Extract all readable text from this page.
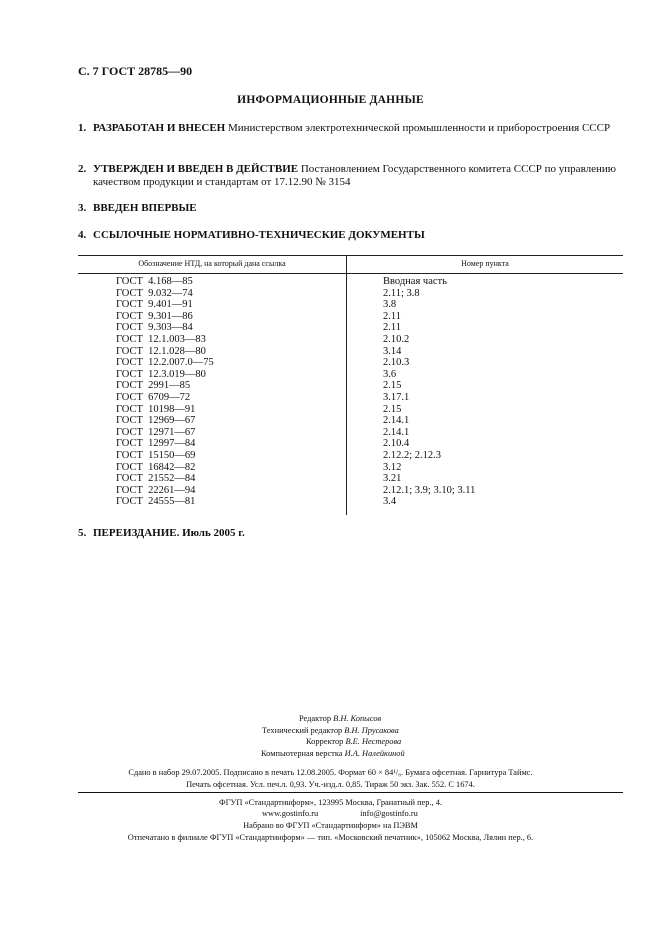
С. 7 ГОСТ 28785—90
ИНФОРМАЦИОННЫЕ ДАННЫЕ
1. РАЗРАБОТАН И ВНЕСЕН Министерством электротехнической промышленности и приборостроения СССР
2. УТВЕРЖДЕН И ВВЕДЕН В ДЕЙСТВИЕ Постановлением Государственного комитета СССР по управлению качеством продукции и стандартам от 17.12.90 № 3154
3. ВВЕДЕН ВПЕРВЫЕ
4. ССЫЛОЧНЫЕ НОРМАТИВНО-ТЕХНИЧЕСКИЕ ДОКУМЕНТЫ
Обозначение НТД, на который дана ссылка	Номер пункта
ГОСТ  4.168—85	Вводная часть
ГОСТ  9.032—74	2.11; 3.8
ГОСТ  9.401—91	3.8
ГОСТ  9.301—86	2.11
ГОСТ  9.303—84	2.11
ГОСТ  12.1.003—83	2.10.2
ГОСТ  12.1.028—80	3.14
ГОСТ  12.2.007.0—75	2.10.3
ГОСТ  12.3.019—80	3.6
ГОСТ  2991—85	2.15
ГОСТ  6709—72	3.17.1
ГОСТ  10198—91	2.15
ГОСТ  12969—67	2.14.1
ГОСТ  12971—67	2.14.1
ГОСТ  12997—84	2.10.4
ГОСТ  15150—69	2.12.2; 2.12.3
ГОСТ  16842—82	3.12
ГОСТ  21552—84	3.21
ГОСТ  22261—94	2.12.1; 3.9; 3.10; 3.11
ГОСТ  24555—81	3.4
5. ПЕРЕИЗДАНИЕ. Июль 2005 г.
Редактор В.Н. Копысов
Технический редактор В.Н. Прусакова
Корректор В.Е. Нестерова
Компьютерная верстка И.А. Налейкиной
Сдано в набор 29.07.2005. Подписано в печать 12.08.2005. Формат 60 × 84¹/₈. Бумага офсетная. Гарнитура Таймс.
Печать офсетная. Усл. печ.л. 0,93. Уч.-изд.л. 0,85. Тираж 50 экз. Зак. 552. С 1674.
ФГУП «Стандартинформ», 123995 Москва, Гранатный пер., 4.
Набрано во ФГУП «Стандартинформ» на ПЭВМ
Отпечатано в филиале ФГУП «Стандартинформ» — тип. «Московский печатник», 105062 Москва, Лялин пер., 6.
www.gostinfo.ru	info@gostinfo.ru
